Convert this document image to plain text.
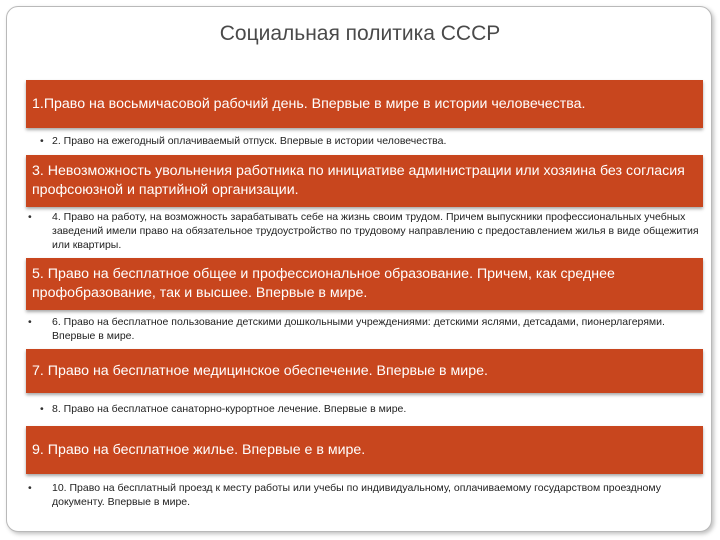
Социальная политика СССР
1.Право на восьмичасовой рабочий день. Впервые в мире в истории человечества.
• 2. Право на ежегодный оплачиваемый отпуск. Впервые в истории человечества.
3. Невозможность увольнения работника по инициативе администрации или хозяина без согласия профсоюзной и партийной организации.
• 4. Право на работу, на возможность зарабатывать себе на жизнь своим трудом. Причем выпускники профессиональных учебных заведений имели право на обязательное трудоустройство по трудовому направлению с предоставлением жилья в виде общежития или квартиры.
5. Право на бесплатное общее и профессиональное образование. Причем, как среднее профобразование, так и высшее. Впервые в мире.
• 6. Право на бесплатное пользование детскими дошкольными учреждениями: детскими яслями, детсадами, пионерлагерями. Впервые в мире.
7. Право на бесплатное медицинское обеспечение. Впервые в мире.
• 8. Право на бесплатное санаторно-курортное лечение. Впервые в мире.
9. Право на бесплатное жилье. Впервые е в мире.
• 10. Право на бесплатный проезд к месту работы или учебы по индивидуальному, оплачиваемому государством проездному документу. Впервые в мире.
